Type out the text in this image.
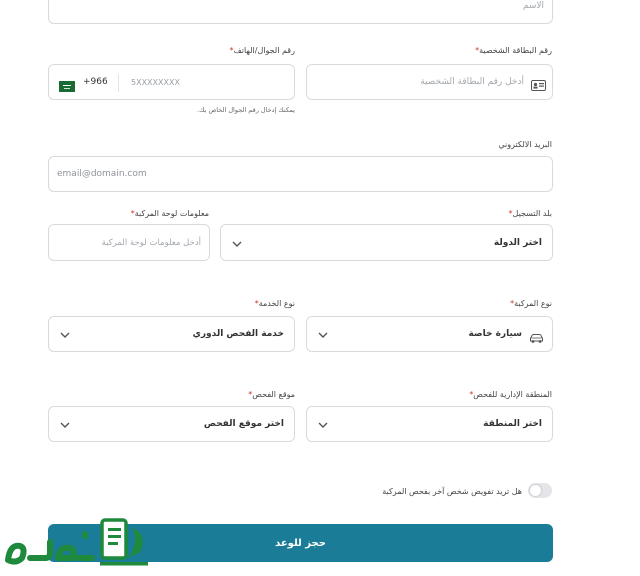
الاسم
رقم البطاقة الشخصية*
أدخل رقم البطاقة الشخصية
رقم الجوال/الهاتف*
+966	5XXXXXXXX
يمكنك إدخال رقم الجوال الخاص بك.
البريد الالكتروني
email@domain.com
بلد التسجيل*
اختر الدولة
معلومات لوحة المركبة*
أدخل معلومات لوحة المركبة
نوع المركبة*
سيارة خاصة
نوع الخدمة*
خدمة الفحص الدوري
المنطقة الإدارية للفحص*
اختر المنطقة
موقع الفحص*
اختر موقع الفحص
هل تريد تفويض شخص آخر بفحص المركبة
حجز للوعد
